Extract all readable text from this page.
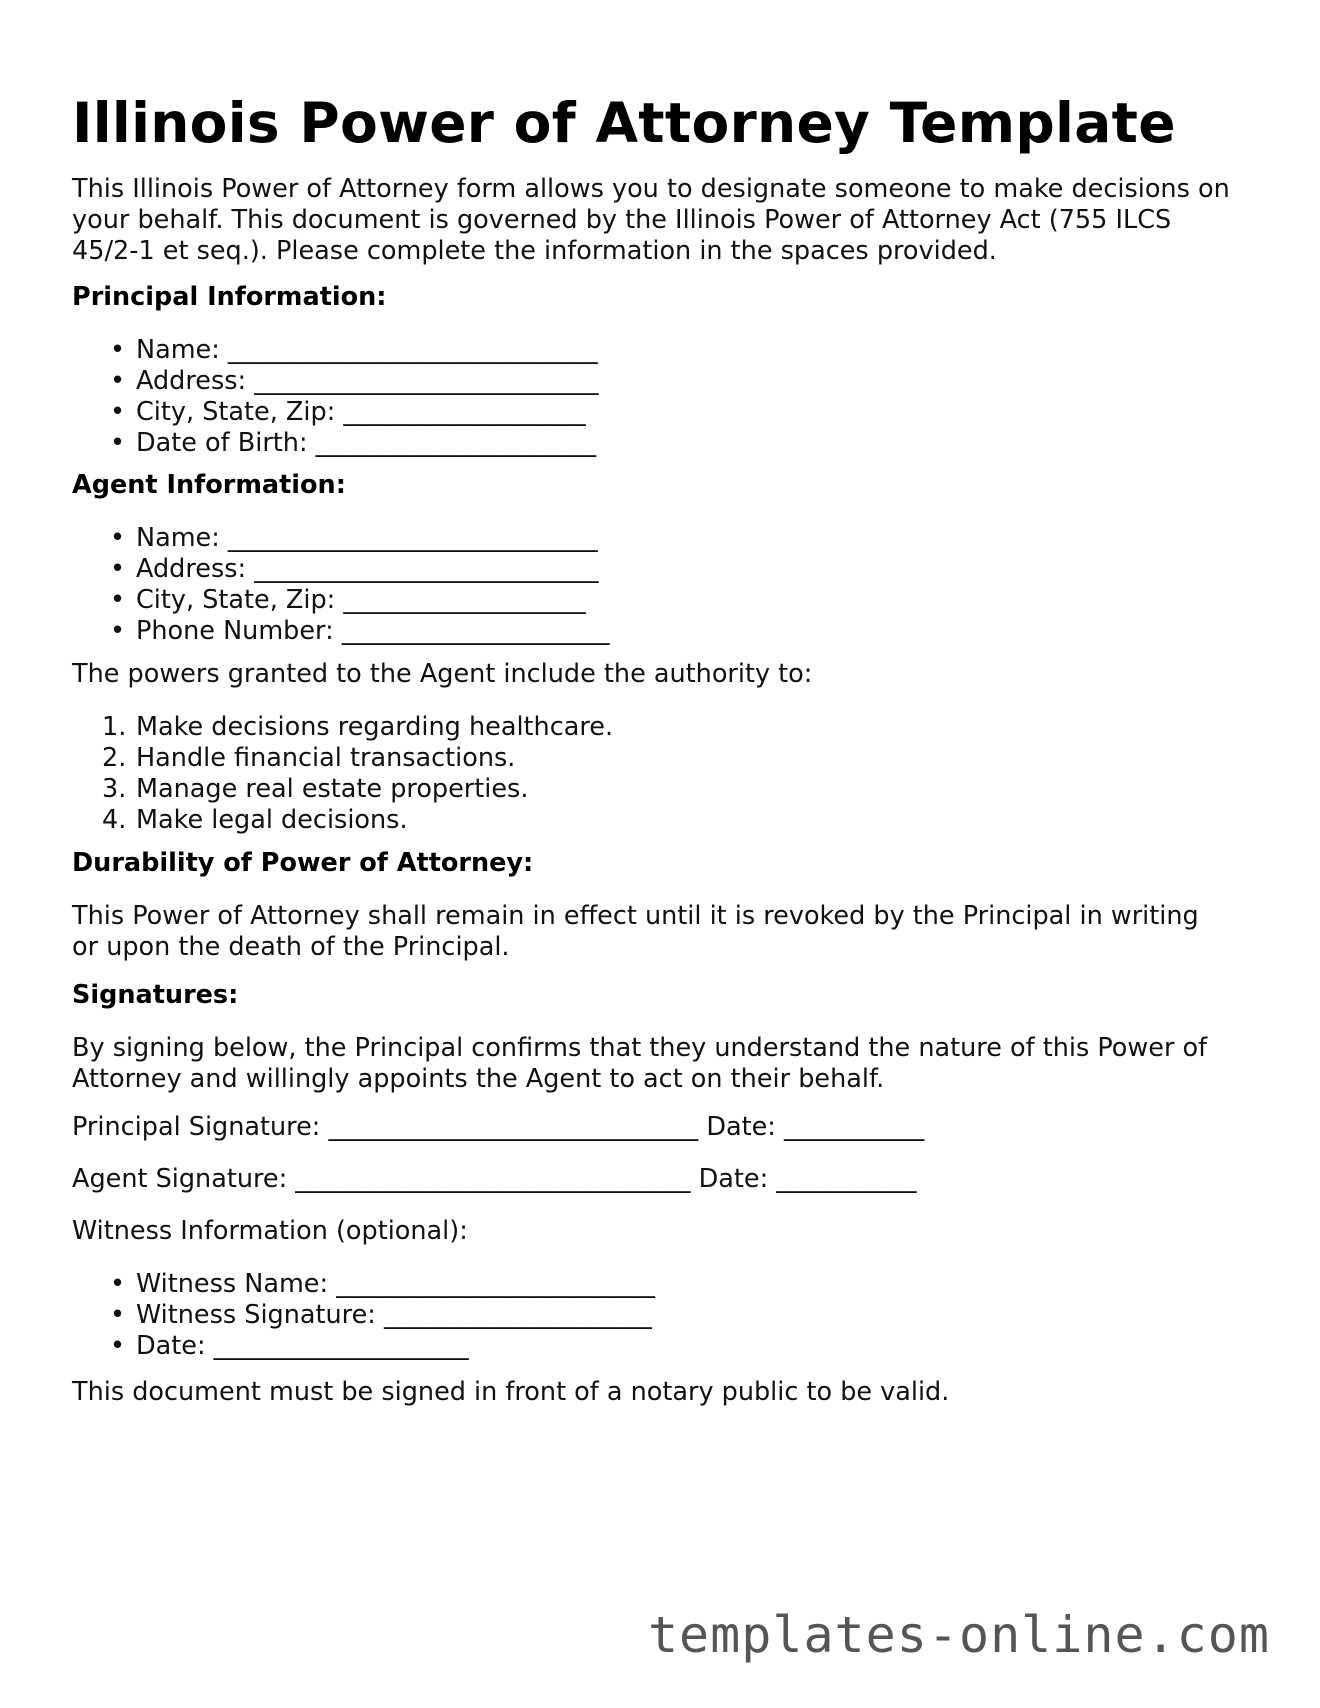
Illinois Power of Attorney Template

This Illinois Power of Attorney form allows you to designate someone to make decisions on your behalf. This document is governed by the Illinois Power of Attorney Act (755 ILCS 45/2-1 et seq.). Please complete the information in the spaces provided.

Principal Information:

• Name: _____________________________
• Address: ___________________________
• City, State, Zip: ___________________
• Date of Birth: ______________________

Agent Information:

• Name: _____________________________
• Address: ___________________________
• City, State, Zip: ___________________
• Phone Number: _____________________

The powers granted to the Agent include the authority to:

1. Make decisions regarding healthcare.
2. Handle financial transactions.
3. Manage real estate properties.
4. Make legal decisions.

Durability of Power of Attorney:

This Power of Attorney shall remain in effect until it is revoked by the Principal in writing or upon the death of the Principal.

Signatures:

By signing below, the Principal confirms that they understand the nature of this Power of Attorney and willingly appoints the Agent to act on their behalf.

Principal Signature: _____________________________ Date: ___________

Agent Signature: _______________________________ Date: ___________

Witness Information (optional):

• Witness Name: _________________________
• Witness Signature: _____________________
• Date: ____________________

This document must be signed in front of a notary public to be valid.

templates-online.com
